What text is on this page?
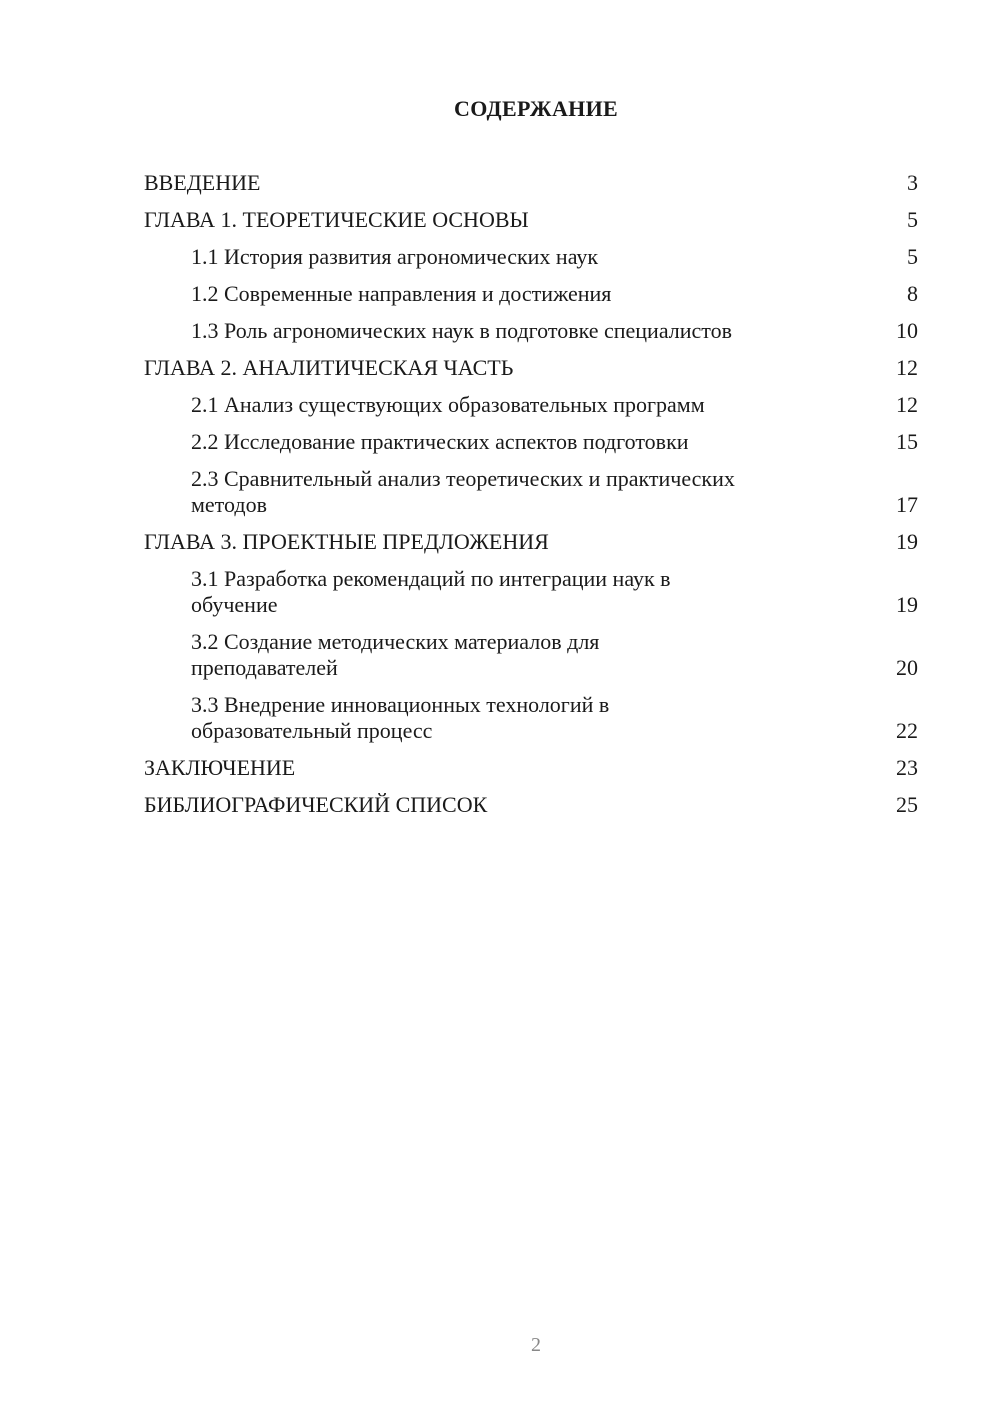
СОДЕРЖАНИЕ
ВВЕДЕНИЕ	3
ГЛАВА 1. ТЕОРЕТИЧЕСКИЕ ОСНОВЫ	5
1.1 История развития агрономических наук	5
1.2 Современные направления и достижения	8
1.3 Роль агрономических наук в подготовке специалистов	10
ГЛАВА 2. АНАЛИТИЧЕСКАЯ ЧАСТЬ	12
2.1 Анализ существующих образовательных программ	12
2.2 Исследование практических аспектов подготовки	15
2.3 Сравнительный анализ теоретических и практических методов	17
ГЛАВА 3. ПРОЕКТНЫЕ ПРЕДЛОЖЕНИЯ	19
3.1 Разработка рекомендаций по интеграции наук в обучение	19
3.2 Создание методических материалов для преподавателей	20
3.3 Внедрение инновационных технологий в образовательный процесс	22
ЗАКЛЮЧЕНИЕ	23
БИБЛИОГРАФИЧЕСКИЙ СПИСОК	25
2
